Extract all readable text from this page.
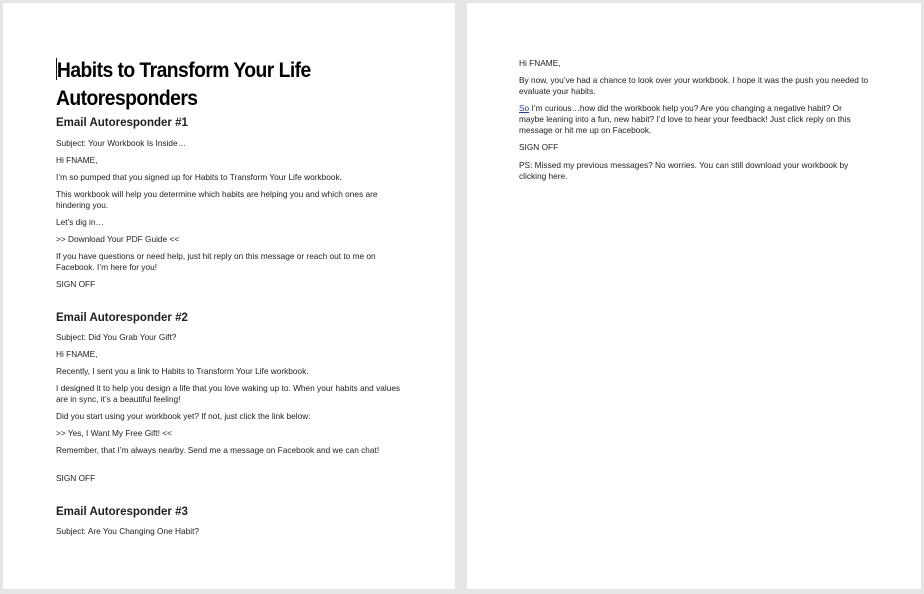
Habits to Transform Your Life
Autoresponders
Email Autoresponder #1

Subject: Your Workbook Is Inside…

Hi FNAME,

I’m so pumped that you signed up for Habits to Transform Your Life workbook.

This workbook will help you determine which habits are helping you and which ones are hindering you.

Let’s dig in…

>> Download Your PDF Guide <<

If you have questions or need help, just hit reply on this message or reach out to me on Facebook. I’m here for you!

SIGN OFF

Email Autoresponder #2

Subject: Did You Grab Your Gift?

Hi FNAME,

Recently, I sent you a link to Habits to Transform Your Life workbook.

I designed it to help you design a life that you love waking up to. When your habits and values are in sync, it’s a beautiful feeling!

Did you start using your workbook yet? If not, just click the link below:

>> Yes, I Want My Free Gift! <<

Remember, that I’m always nearby. Send me a message on Facebook and we can chat!

SIGN OFF

Email Autoresponder #3

Subject: Are You Changing One Habit?

Hi FNAME,

By now, you’ve had a chance to look over your workbook. I hope it was the push you needed to evaluate your habits.

So I’m curious…how did the workbook help you? Are you changing a negative habit? Or maybe leaning into a fun, new habit? I’d love to hear your feedback! Just click reply on this message or hit me up on Facebook.

SIGN OFF

PS: Missed my previous messages? No worries. You can still download your workbook by clicking here.
